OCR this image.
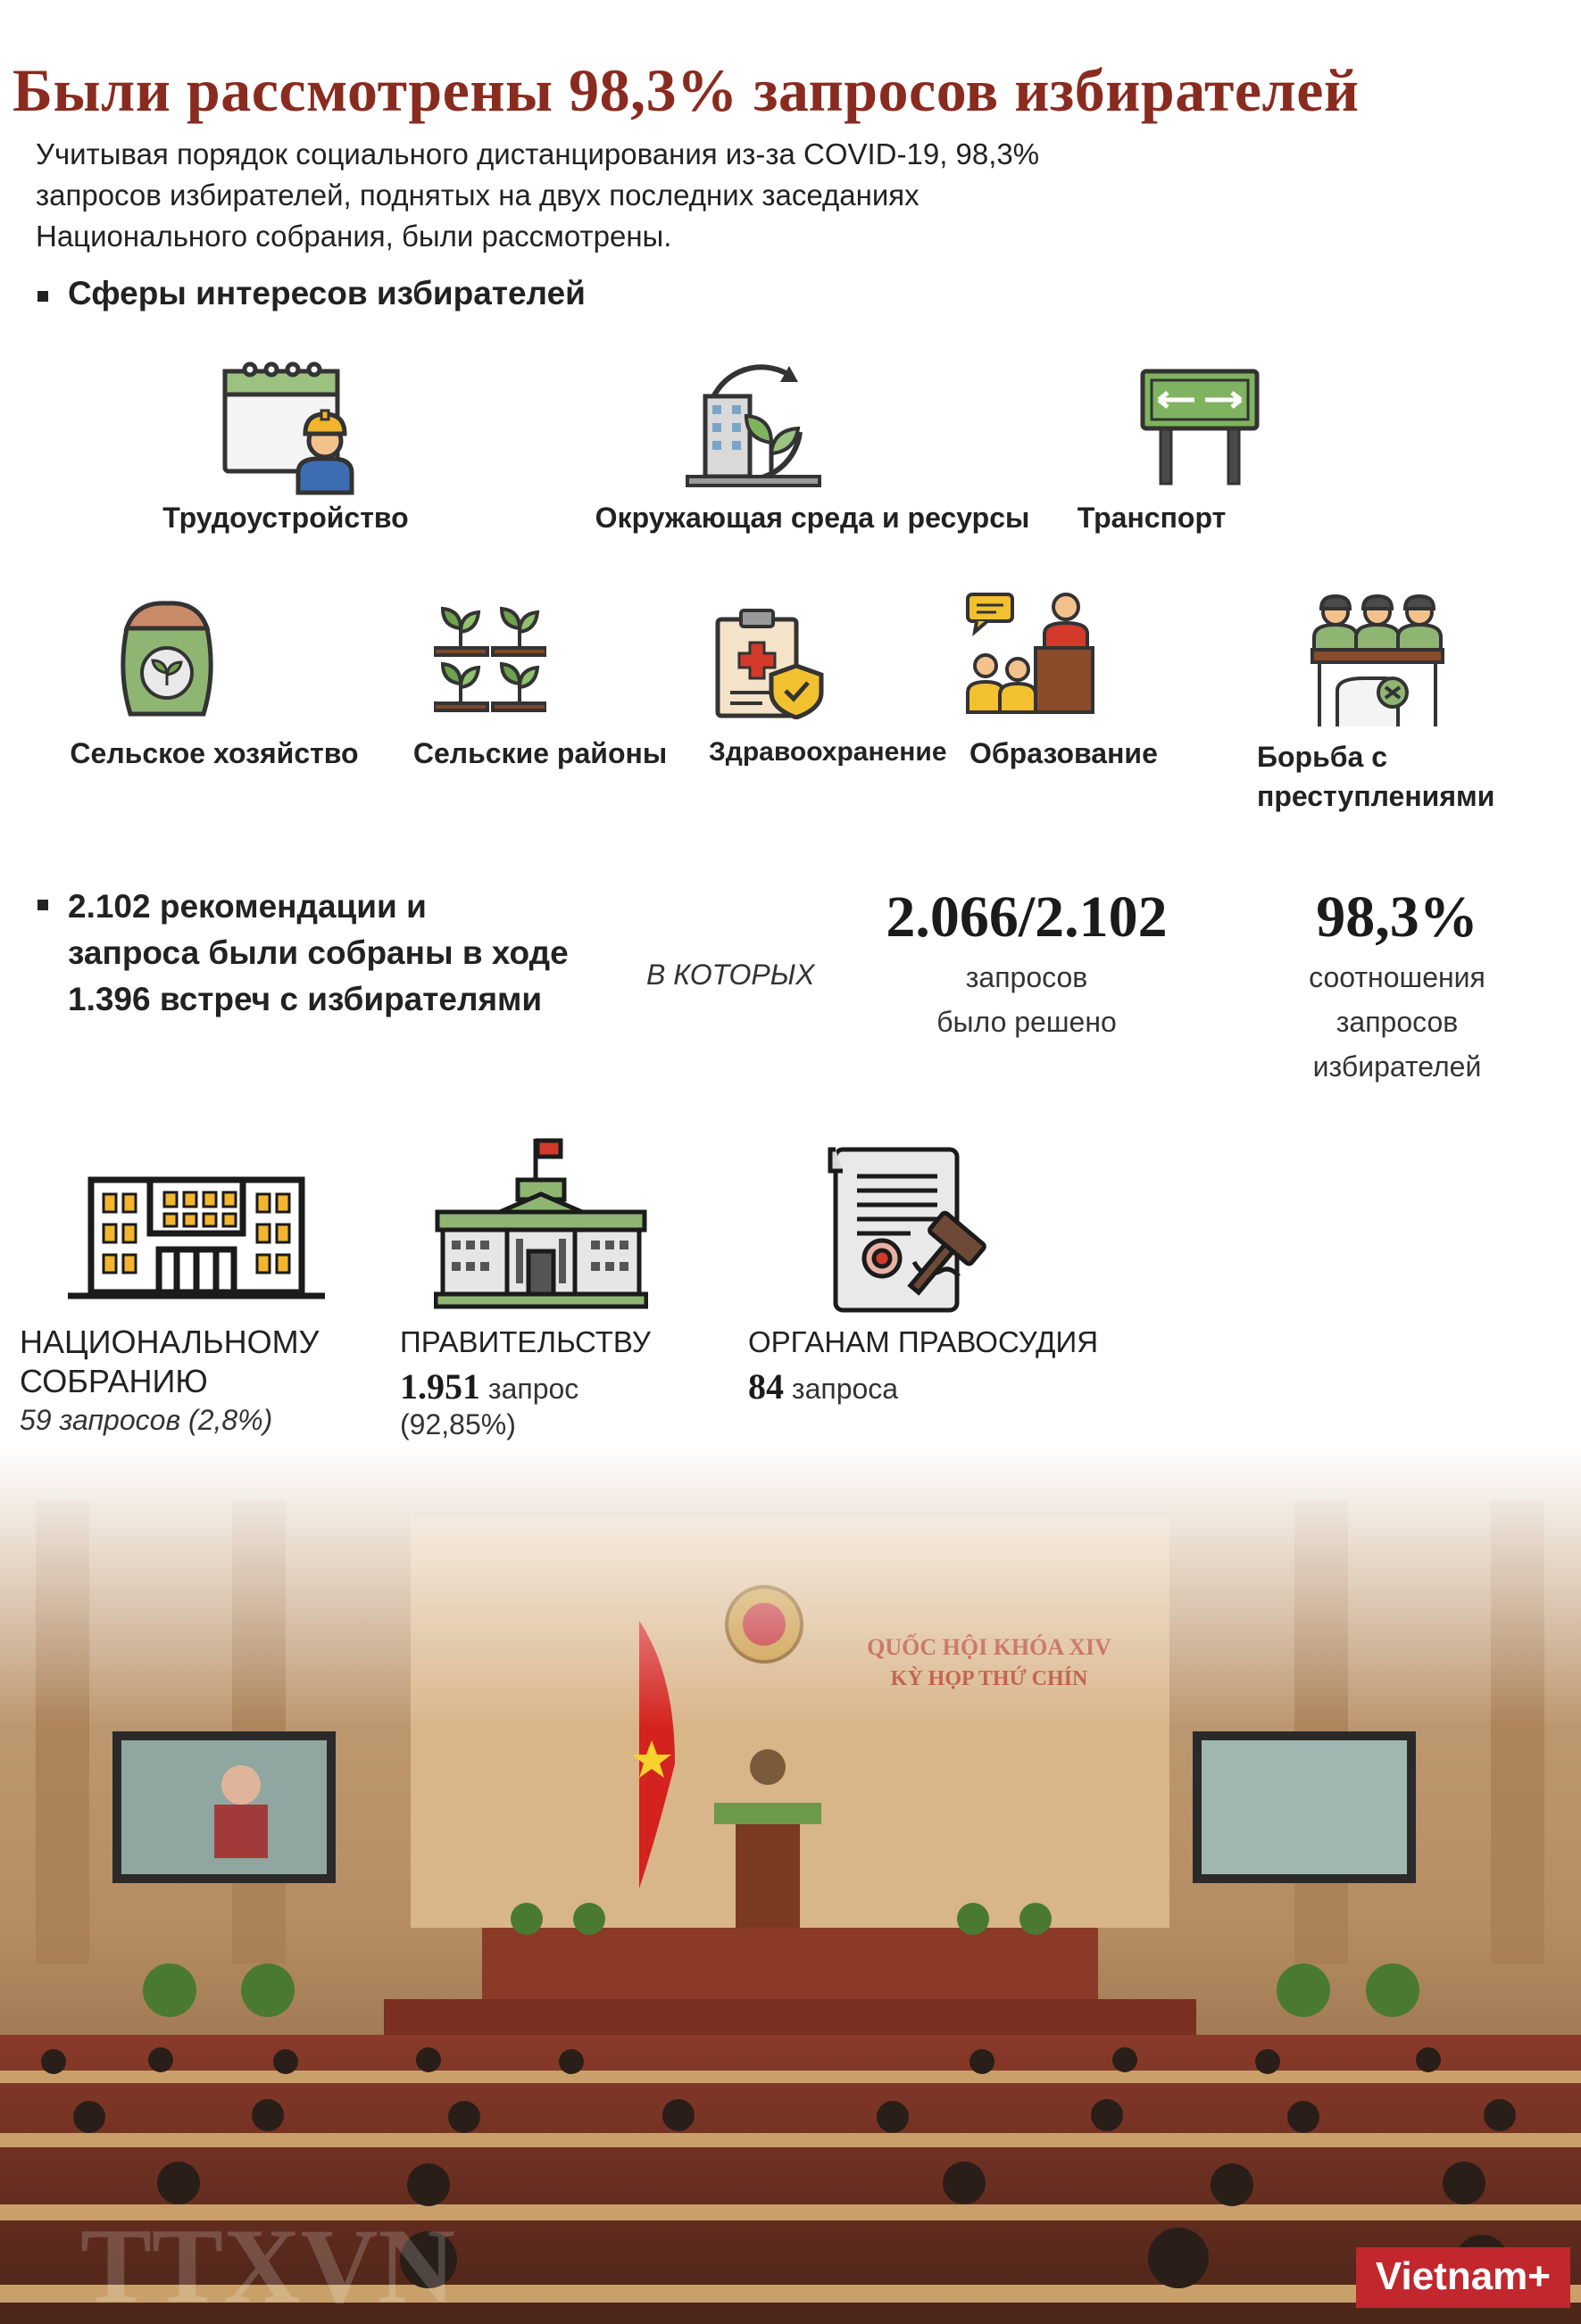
Были рассмотрены 98,3% запросов избирателей
Учитывая порядок социального дистанцирования из-за COVID-19, 98,3%
запросов избирателей, поднятых на двух последних заседаниях
Национального собрания, были рассмотрены.
Сферы интересов избирателей
Трудоустройство	Окружающая среда и ресурсы	Транспорт
Сельское хозяйство	Сельские районы	Здравоохранение Образование	Борьба с преступлениями
2.102 рекомендации и
запроса были собраны в ходе
1.396 встреч с избирателями
В КОТОРЫХ
2.066/2.102
запросов
было решено
98,3%
соотношения
запросов
избирателей
НАЦИОНАЛЬНОМУ
СОБРАНИЮ
59 запросов (2,8%)
ПРАВИТЕЛЬСТВУ
1.951 запрос
(92,85%)
ОРГАНАМ ПРАВОСУДИЯ
84 запроса
TTXVN	Vietnam+
